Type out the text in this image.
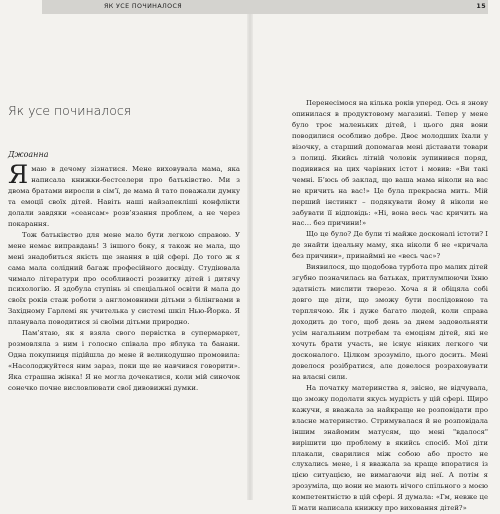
Як усе починалося
Джоанна

Ямаю в дечому зізнатися. Мене виховувала мама, яка написала книжки-бестселери про батьківство. Ми з двома братами виросли в сім’ї, де мама й тато поважали думку та емоції своїх дітей. Навіть наші найзапекліші конфлікти долали завдяки «сеансам» розв’язання проблем, а не через покарання.

Тож батьківство для мене мало бути легкою справою. У мене немає виправдань! З іншого боку, я також не мала, що мені знадобиться якість ще знання в цій сфері. До того ж я сама мала солідний багаж професійного досвіду. Студіювала чимало літератури про особливості розвитку дітей і дитячу психологію. Я здобула ступінь зі спеціальної освіти й мала до своїх років стаж роботи з англомовними дітьми з білінгвами в Західному Гарлемі як учителька у системі шкіл Нью-Йорка. Я планувала поводитися зі своїми дітьми природно.

Пам’ятаю, як я взяла свого первістка в супермаркет, розмовляла з ним і голосно співала про яблука та банани. Одна покупниця підійшла до мене й великодушно промовила: «Насолоджуйтеся ним зараз, поки ще не навчився говорити». Яка страшна жінка! Я не могла дочекатися, коли мій синочок сонечко почне висловлювати свої дивовижні думки.

ЯК УСЕ ПОЧИНАЛОСЯ	15

Перенесімося на кілька років уперед. Ось я знову опинилася в продуктовому магазині. Тепер у мене було троє маленьких дітей, і цього дня вони поводилися особливо добре. Двоє молодших їхали у візочку, а старший допомагав мені діставати товари з полиці. Якийсь літній чоловік зупинився поряд, подивився на цих чарівних істот і мовив: «Ви такі чемні. Б’юсь об заклад, що ваша мама ніколи на вас не кричить на вас!» Це була прекрасна мить. Мій перший інстинкт – подякувати йому й ніколи не забувати її відповідь: «Ні, вона весь час кричить на нас… без причини!»

Що це було? Де були ті майже досконалі істоти? І де знайти ідеальну маму, яка ніколи б не «кричала без причини», принаймні не «весь час»?

Виявилося, що щодобова турбота про малих дітей згубно позначилась на батьках, притлумлюючи їхню здатність мислити тверезо. Хоча я й обіцяла собі довго ще діти, що зможу бути послідовною та терплячою. Як і дуже багато людей, коли справа доходить до того, щоб день за днем задовольняти усім нагальним потребам та емоціям дітей, які не хочуть брати участь, не існує ніяких легкого чи досконалого. Цілком зрозуміло, цього досить. Мені довелося розібратися, але довелося розраховувати на власні сили.

На початку материнства я, звісно, не відчувала, що зможу подолати якусь мудрість у цій сфері. Щиро кажучи, я вважала за найкраще не розповідати про власне материнство. Стримувалася й не розповідала іншим знайомим матусям, що мені "вдалося" вирішити цю проблему в якийсь спосіб. Мої діти плакали, сварилися між собою або просто не слухались мене, і я вважала за краще впоратися із цією ситуацією, не вимагаючи від неї. А потім я зрозуміла, що вони не мають нічого спільного з моєю компетентністю в цій сфері. Я думала: «Гм, невже це її мати написала книжку про виховання дітей?»
